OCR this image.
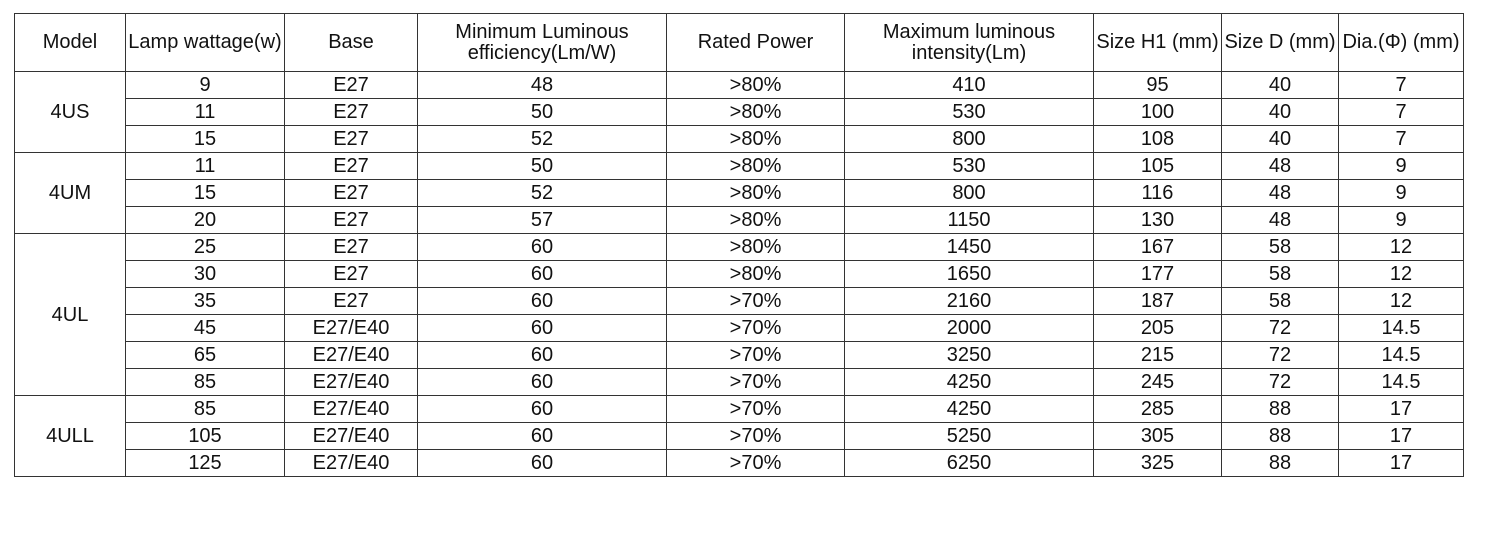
Model	Lamp wattage(w)	Base	Minimum Luminous efficiency(Lm/W)	Rated Power	Maximum luminous intensity(Lm)	Size H1 (mm)	Size D (mm)	Dia.(Φ) (mm)
4US	9	E27	48	>80%	410	95	40	7
	11	E27	50	>80%	530	100	40	7
	15	E27	52	>80%	800	108	40	7
4UM	11	E27	50	>80%	530	105	48	9
	15	E27	52	>80%	800	116	48	9
	20	E27	57	>80%	1150	130	48	9
4UL	25	E27	60	>80%	1450	167	58	12
	30	E27	60	>80%	1650	177	58	12
	35	E27	60	>70%	2160	187	58	12
	45	E27/E40	60	>70%	2000	205	72	14.5
	65	E27/E40	60	>70%	3250	215	72	14.5
	85	E27/E40	60	>70%	4250	245	72	14.5
4ULL	85	E27/E40	60	>70%	4250	285	88	17
	105	E27/E40	60	>70%	5250	305	88	17
	125	E27/E40	60	>70%	6250	325	88	17
